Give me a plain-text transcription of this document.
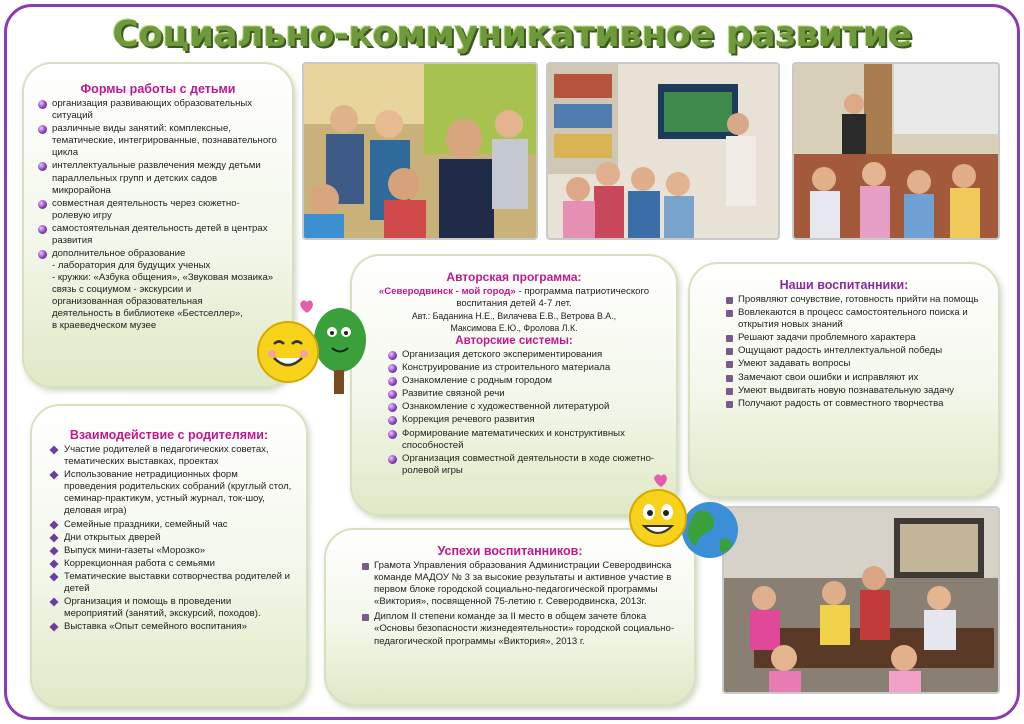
Социально-коммуникативное развитие
Формы работы с детьми
организация развивающих образовательных ситуаций
различные виды занятий: комплексные, тематические, интегрированные, познавательного цикла
интеллектуальные развлечения между детьми параллельных групп и детских садов микрорайона
совместная деятельность через сюжетно-ролевую игру
самостоятельная деятельность детей в центрах развития
дополнительное образование
- лаборатория для будущих ученых
- кружки: «Азбука общения», «Звуковая мозаика»
связь с социумом - экскурсии и организованная образовательная деятельность в библиотеке «Бестселлер», в краеведческом музее
Авторская программа:
«Северодвинск - мой город» - программа патриотического воспитания детей 4-7 лет.
Авт.: Баданина Н.Е., Вилачева Е.В., Ветрова В.А.,
Максимова Е.Ю., Фролова Л.К.
Авторские системы:
Организация детского экспериментирования
Конструирование из строительного материала
Ознакомление с родным городом
Развитие связной речи
Ознакомление с художественной литературой
Коррекция речевого развития
Формирование математических и конструктивных способностей
Организация совместной деятельности в ходе сюжетно-ролевой игры
Наши воспитанники:
Проявляют сочувствие, готовность прийти на помощь
Вовлекаются в процесс самостоятельного поиска и открытия новых знаний
Решают задачи проблемного характера
Ощущают радость интеллектуальной победы
Умеют задавать вопросы
Замечают свои ошибки и исправляют их
Умеют выдвигать новую познавательную задачу
Получают радость от совместного творчества
Взаимодействие с родителями:
Участие родителей в педагогических советах, тематических выставках, проектах
Использование нетрадиционных форм проведения родительских собраний (круглый стол, семинар-практикум, устный журнал, ток-шоу, деловая игра)
Семейные праздники, семейный час
Дни открытых дверей
Выпуск мини-газеты «Морозко»
Коррекционная работа с семьями
Тематические выставки сотворчества родителей и детей
Организация и помощь в проведении мероприятий (занятий, экскурсий, походов).
Выставка «Опыт семейного воспитания»
Успехи воспитанников:
Грамота Управления образования Администрации Северодвинска команде МАДОУ № 3 за высокие результаты и активное участие в первом блоке городской социально-педагогической программы «Виктория», посвященной 75-летию г. Северодвинска, 2013г.
Диплом II степени команде за II место в общем зачете блока «Основы безопасности жизнедеятельности» городской социально-педагогической программы «Виктория», 2013 г.
